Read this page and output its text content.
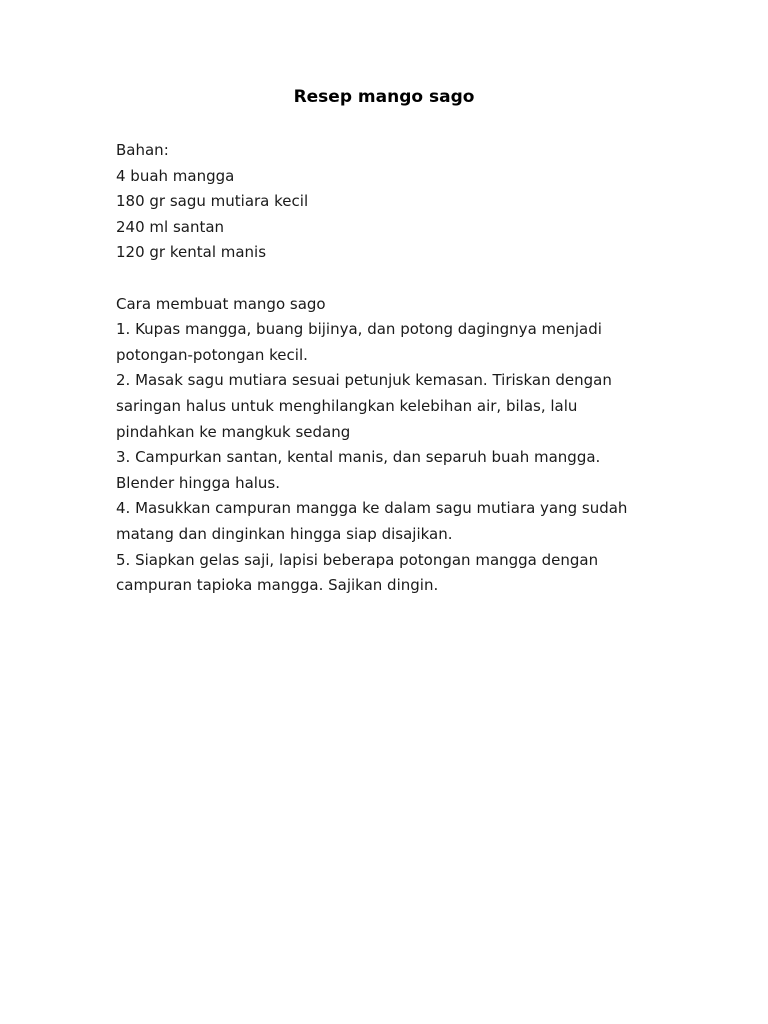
Resep mango sago

Bahan:

4 buah mangga

180 gr sagu mutiara kecil

240 ml santan

120 gr kental manis

Cara membuat mango sago

1. Kupas mangga, buang bijinya, dan potong dagingnya menjadi

potongan-potongan kecil.

2. Masak sagu mutiara sesuai petunjuk kemasan. Tiriskan dengan

saringan halus untuk menghilangkan kelebihan air, bilas, lalu

pindahkan ke mangkuk sedang

3. Campurkan santan, kental manis, dan separuh buah mangga.

Blender hingga halus.

4. Masukkan campuran mangga ke dalam sagu mutiara yang sudah

matang dan dinginkan hingga siap disajikan.

5. Siapkan gelas saji, lapisi beberapa potongan mangga dengan

campuran tapioka mangga. Sajikan dingin.
